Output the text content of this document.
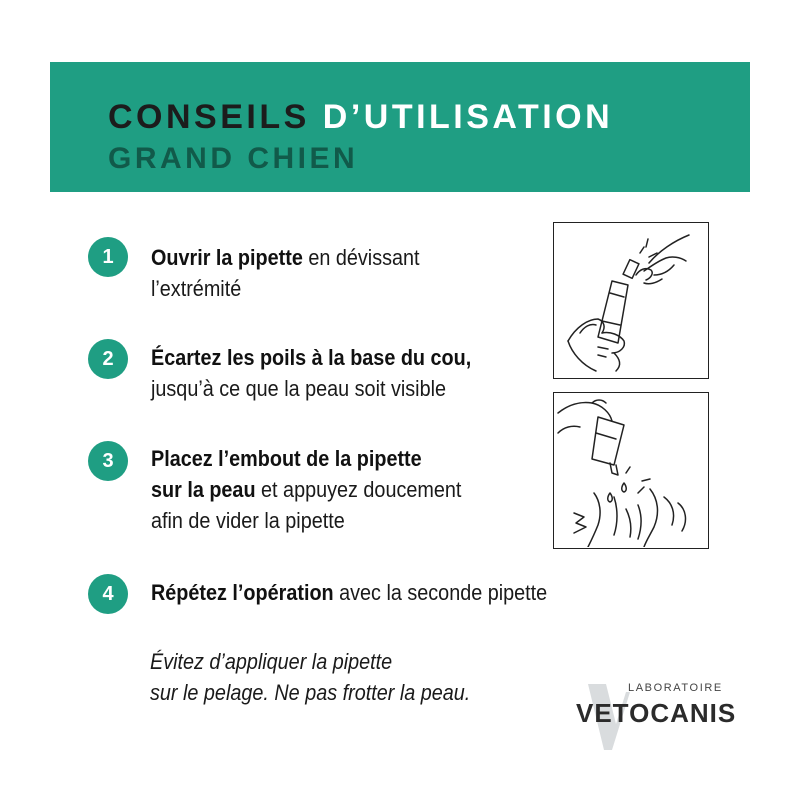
CONSEILS D’UTILISATION
GRAND CHIEN
1	Ouvrir la pipette en dévissant
l’extrémité
2	Écartez les poils à la base du cou,
jusqu’à ce que la peau soit visible
3	Placez l’embout de la pipette
sur la peau et appuyez doucement
afin de vider la pipette
4	Répétez l’opération avec la seconde pipette
Évitez d’appliquer la pipette
sur le pelage. Ne pas frotter la peau.	LABORATOIRE
VETOCANIS
